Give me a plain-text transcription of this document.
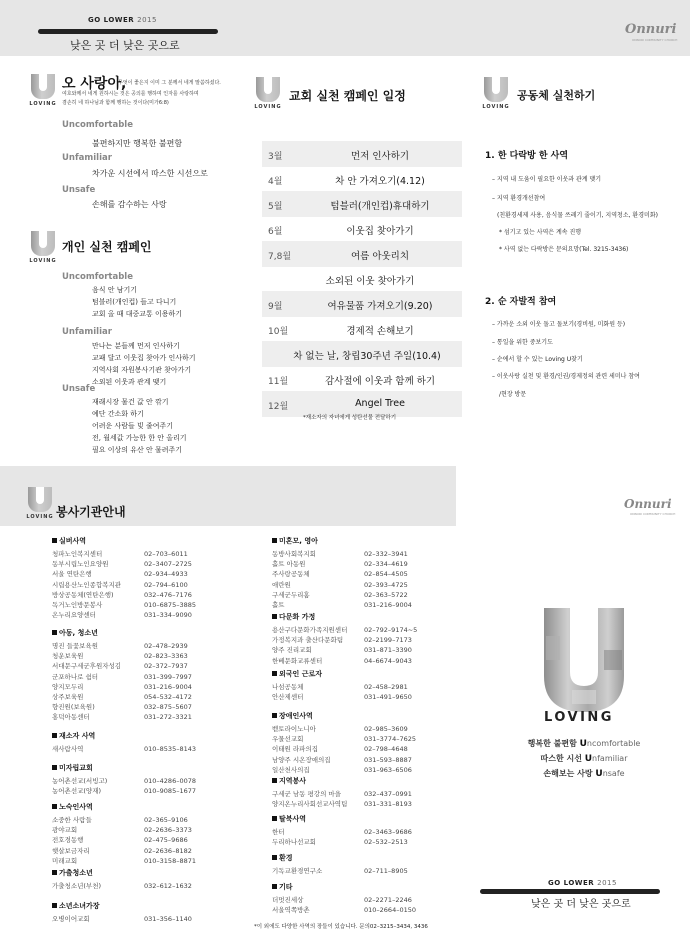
GO LOWER 2015
낮은 곳 더 낮은 곳으로
Onnuri
ONNURI COMMUNITY CHURCH
LOVING
오 사랑아,
무엇이 좋은지 이미 그 분께서 네게 말씀하셨다.
여호와께서 네게 원하시는 것은 공의를 행하며 인자를 사랑하며
겸손히 네 하나님과 함께 행하는 것이다(미가6:8)
Uncomfortable
불편하지만 행복한 불편함
Unfamiliar
차가운 시선에서 따스한 시선으로
Unsafe
손해를 감수하는 사랑
LOVING
개인 실천 캠페인
Uncomfortable
음식 안 남기기
텀블러(개인컵) 들고 다니기
교회 올 때 대중교통 이용하기
Unfamiliar
만나는 분들께 먼저 인사하기
교패 달고 이웃집 찾아가 인사하기
지역사회 자원봉사기관 찾아가기
소외된 이웃과 관계 맺기
Unsafe
재래시장 물건 값 안 깎기
예단 간소화 하기
어려운 사람들 빚 줄여주기
전, 월세값 가능한 한 안 올리기
필요 이상의 유산 안 물려주기
LOVING
교회 실천 캠페인 일정
3월	먼저 인사하기
4월	차 안 가져오기(4.12)
5월	텀블러(개인컵)휴대하기
6월	이웃집 찾아가기
7,8월	여름 아웃리치
소외된 이웃 찾아가기
9월	여유물품 가져오기(9.20)
10월	경제적 손해보기
차 없는 날, 창립30주년 주일(10.4)
11월	감사절에 이웃과 함께 하기
12월	Angel Tree
*재소자의 자녀에게 성탄선물 전달하기
LOVING
공동체 실천하기
1. 한 다락방 한 사역
– 지역 내 도움이 필요한 이웃과 관계 맺기
– 지역 환경개선참여
(친환경세제 사용, 음식물 쓰레기 줄이기, 지역청소, 환경미화)
* 섬기고 있는 사역은 계속 진행
* 사역 없는 다락방은 문의요망(Tel. 3215-3436)
2. 순 자발적 참여
– 가까운 소외 이웃 돌고 돌보기(경비원, 미화원 등)
– 통일을 위한 중보기도
– 순에서 할 수 있는 Loving U찾기
– 이웃사랑 실천 및 환경/인권/경제정의 관련 세미나 참여
/현장 방문
LOVING 봉사기관안내
실버사역
청파노인복지센터	02–703–6011
동부시립노인요양원	02–3407–2725
서울 연탄은행	02–934–4933
시립용산노인종합복지관	02–794–6100
방상공동체(연탄은행)	032–476–7176
독거노인방문봉사	010–6875–3885
온누리요양센터	031–334–9090
아동, 청소년
명진 들꽃보육원	02–478–2939
청운보육원	02–823–3363
서대문구세군후원자성김	02–372–7937
군포하나로 쉼터	031–399–7997
양지모두리	031–216–9004
상주보육원	054–532–4172
향진원(보육원)	032–875–5607
홍덕아동센터	031–272–3321
재소자 사역
새사람사역	010–8535–8143
미자립교회
농어촌선교(서빙고)	010–4286–0078
농어촌선교(양재)	010–9085–1677
노숙인사역
소중한 사람들	02–365–9106
광야교회	02–2636–3373
전호경동행	02–475–9686
햇살보금자리	02–2636–8182
미래교회	010–3158–8871
가출청소년
가출청소년(부천)	032–612–1632
소년소녀가장
오병이어교회	031–356–1140
미혼모, 영아
동방사회복지회	02–332–3941
홀트 아동원	02–334–4619
주사랑공동체	02–854–4505
애란원	02–393–4725
구세군두리홈	02–363–5722
홀트	031–216–9004
다문화 가정
용산구다문화가족지원센터	02–792–9174~5
가정복지과 출산다문화팀	02–2199–7173
양주 진리교회	031–871–3390
한베문화교류센터	04–6674–9043
외국인 근로자
나섬공동체	02–458–2981
안산제센터	031–491–9650
장애인사역
벧토라이노니아	02–985–3609
우물선교회	031–3774–7625
이태원 라파의집	02–798–4648
남양주 시온장애의집	031–593–8887
일산천사의집	031–963–6506
지역봉사
구세군 남동 평강의 마을	032–437–0991
양지온누리사회선교사역팀	031–331–8193
탈북사역
한터	02–3463–9686
두리하나선교회	02–532–2513
환경
기독교환경연구소	02–711–8905
기타
더멋진세상	02–2271–2246
서울역쪽방촌	010–2664–0150
*이 외에도 다양한 사역의 장들이 있습니다. 문의02–3215–3434, 3436
Onnuri
ONNURI COMMUNITY CHURCH
LOVING
행복한 불편함 Uncomfortable
따스한 시선 Unfamiliar
손해보는 사랑 Unsafe
GO LOWER 2015
낮은 곳 더 낮은 곳으로
